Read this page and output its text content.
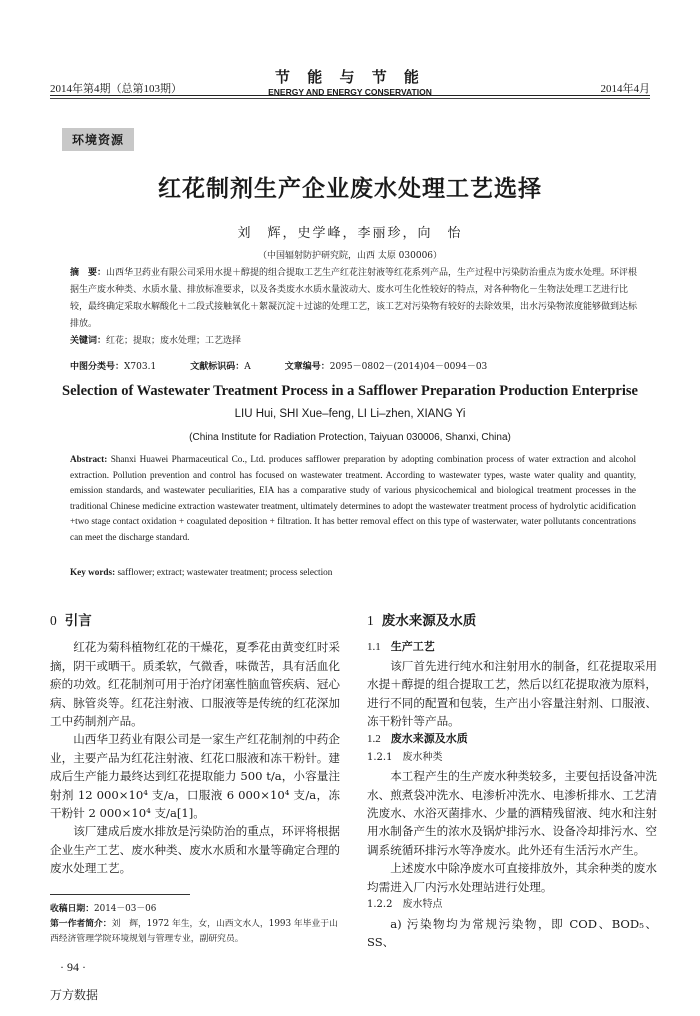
2014年第4期（总第103期）
节 能 与 节 能
ENERGY AND ENERGY CONSERVATION	2014年4月
环境资源
红花制剂生产企业废水处理工艺选择
刘　辉，史学峰，李丽珍，向　怡
（中国辐射防护研究院，山西 太原 030006）
摘　要：山西华卫药业有限公司采用水提＋醇提的组合提取工艺生产红花注射液等红花系列产品，生产过程中污染防治重点为废水处理。环评根据生产废水种类、水质水量、排放标准要求，以及各类废水水质水量波动大、废水可生化性较好的特点，对各种物化－生物法处理工艺进行比较，最终确定采取水解酸化＋二段式接触氧化＋絮凝沉淀＋过滤的处理工艺，该工艺对污染物有较好的去除效果，出水污染物浓度能够做到达标排放。
关键词：红花；提取；废水处理；工艺选择
中图分类号：X703.1	文献标识码：A	文章编号：2095－0802－(2014)04－0094－03
Selection of Wastewater Treatment Process in a Safflower Preparation Production Enterprise
LIU Hui, SHI Xue–feng, LI Li–zhen, XIANG Yi
(China Institute for Radiation Protection, Taiyuan 030006, Shanxi, China)
Abstract: Shanxi Huawei Pharmaceutical Co., Ltd. produces safflower preparation by adopting combination process of water extraction and alcohol extraction. Pollution prevention and control has focused on wastewater treatment. According to wastewater types, waste water quality and quantity, emission standards, and wastewater peculiarities, EIA has a comparative study of various physicochemical and biological treatment processes in the traditional Chinese medicine extraction wastewater treatment, ultimately determines to adopt the wastewater treatment process of hydrolytic acidification +two stage contact oxidation + coagulated deposition + filtration. It has better removal effect on this type of wasterwater, water pollutants concentrations can meet the discharge standard.
Key words: safflower; extract; wastewater treatment; process selection
0 引言

红花为菊科植物红花的干燥花，夏季花由黄变红时采摘，阴干或晒干。质柔软，气微香，味微苦，具有活血化瘀的功效。红花制剂可用于治疗闭塞性脑血管疾病、冠心病、脉管炎等。红花注射液、口服液等是传统的红花深加工中药制剂产品。

山西华卫药业有限公司是一家生产红花制剂的中药企业，主要产品为红花注射液、红花口服液和冻干粉针。建成后生产能力最终达到红花提取能力 500 t/a，小容量注射剂 12 000×10⁴ 支/a，口服液 6 000×10⁴ 支/a，冻干粉针 2 000×10⁴ 支/a[1]。

该厂建成后废水排放是污染防治的重点，环评将根据企业生产工艺、废水种类、废水水质和水量等确定合理的废水处理工艺。

1 废水来源及水质
1.1 生产工艺

该厂首先进行纯水和注射用水的制备，红花提取采用水提＋醇提的组合提取工艺，然后以红花提取液为原料，进行不同的配置和包装，生产出小容量注射剂、口服液、冻干粉针等产品。

1.2 废水来源及水质
1.2.1 废水种类

本工程产生的生产废水种类较多，主要包括设备冲洗水、煎煮袋冲洗水、电渗析冲洗水、电渗析排水、工艺清洗废水、水浴灭菌排水、少量的酒精残留液、纯水和注射用水制备产生的浓水及锅炉排污水、设备冷却排污水、空调系统循环排污水等净废水。此外还有生活污水产生。

上述废水中除净废水可直接排放外，其余种类的废水均需进入厂内污水处理站进行处理。

1.2.2 废水特点

a) 污染物均为常规污染物，即 COD、BOD₅、SS、

收稿日期：2014－03－06
第一作者简介：刘　辉，1972 年生，女，山西文水人，1993 年毕业于山西经济管理学院环境规划与管理专业，副研究员。
· 94 ·
万方数据
